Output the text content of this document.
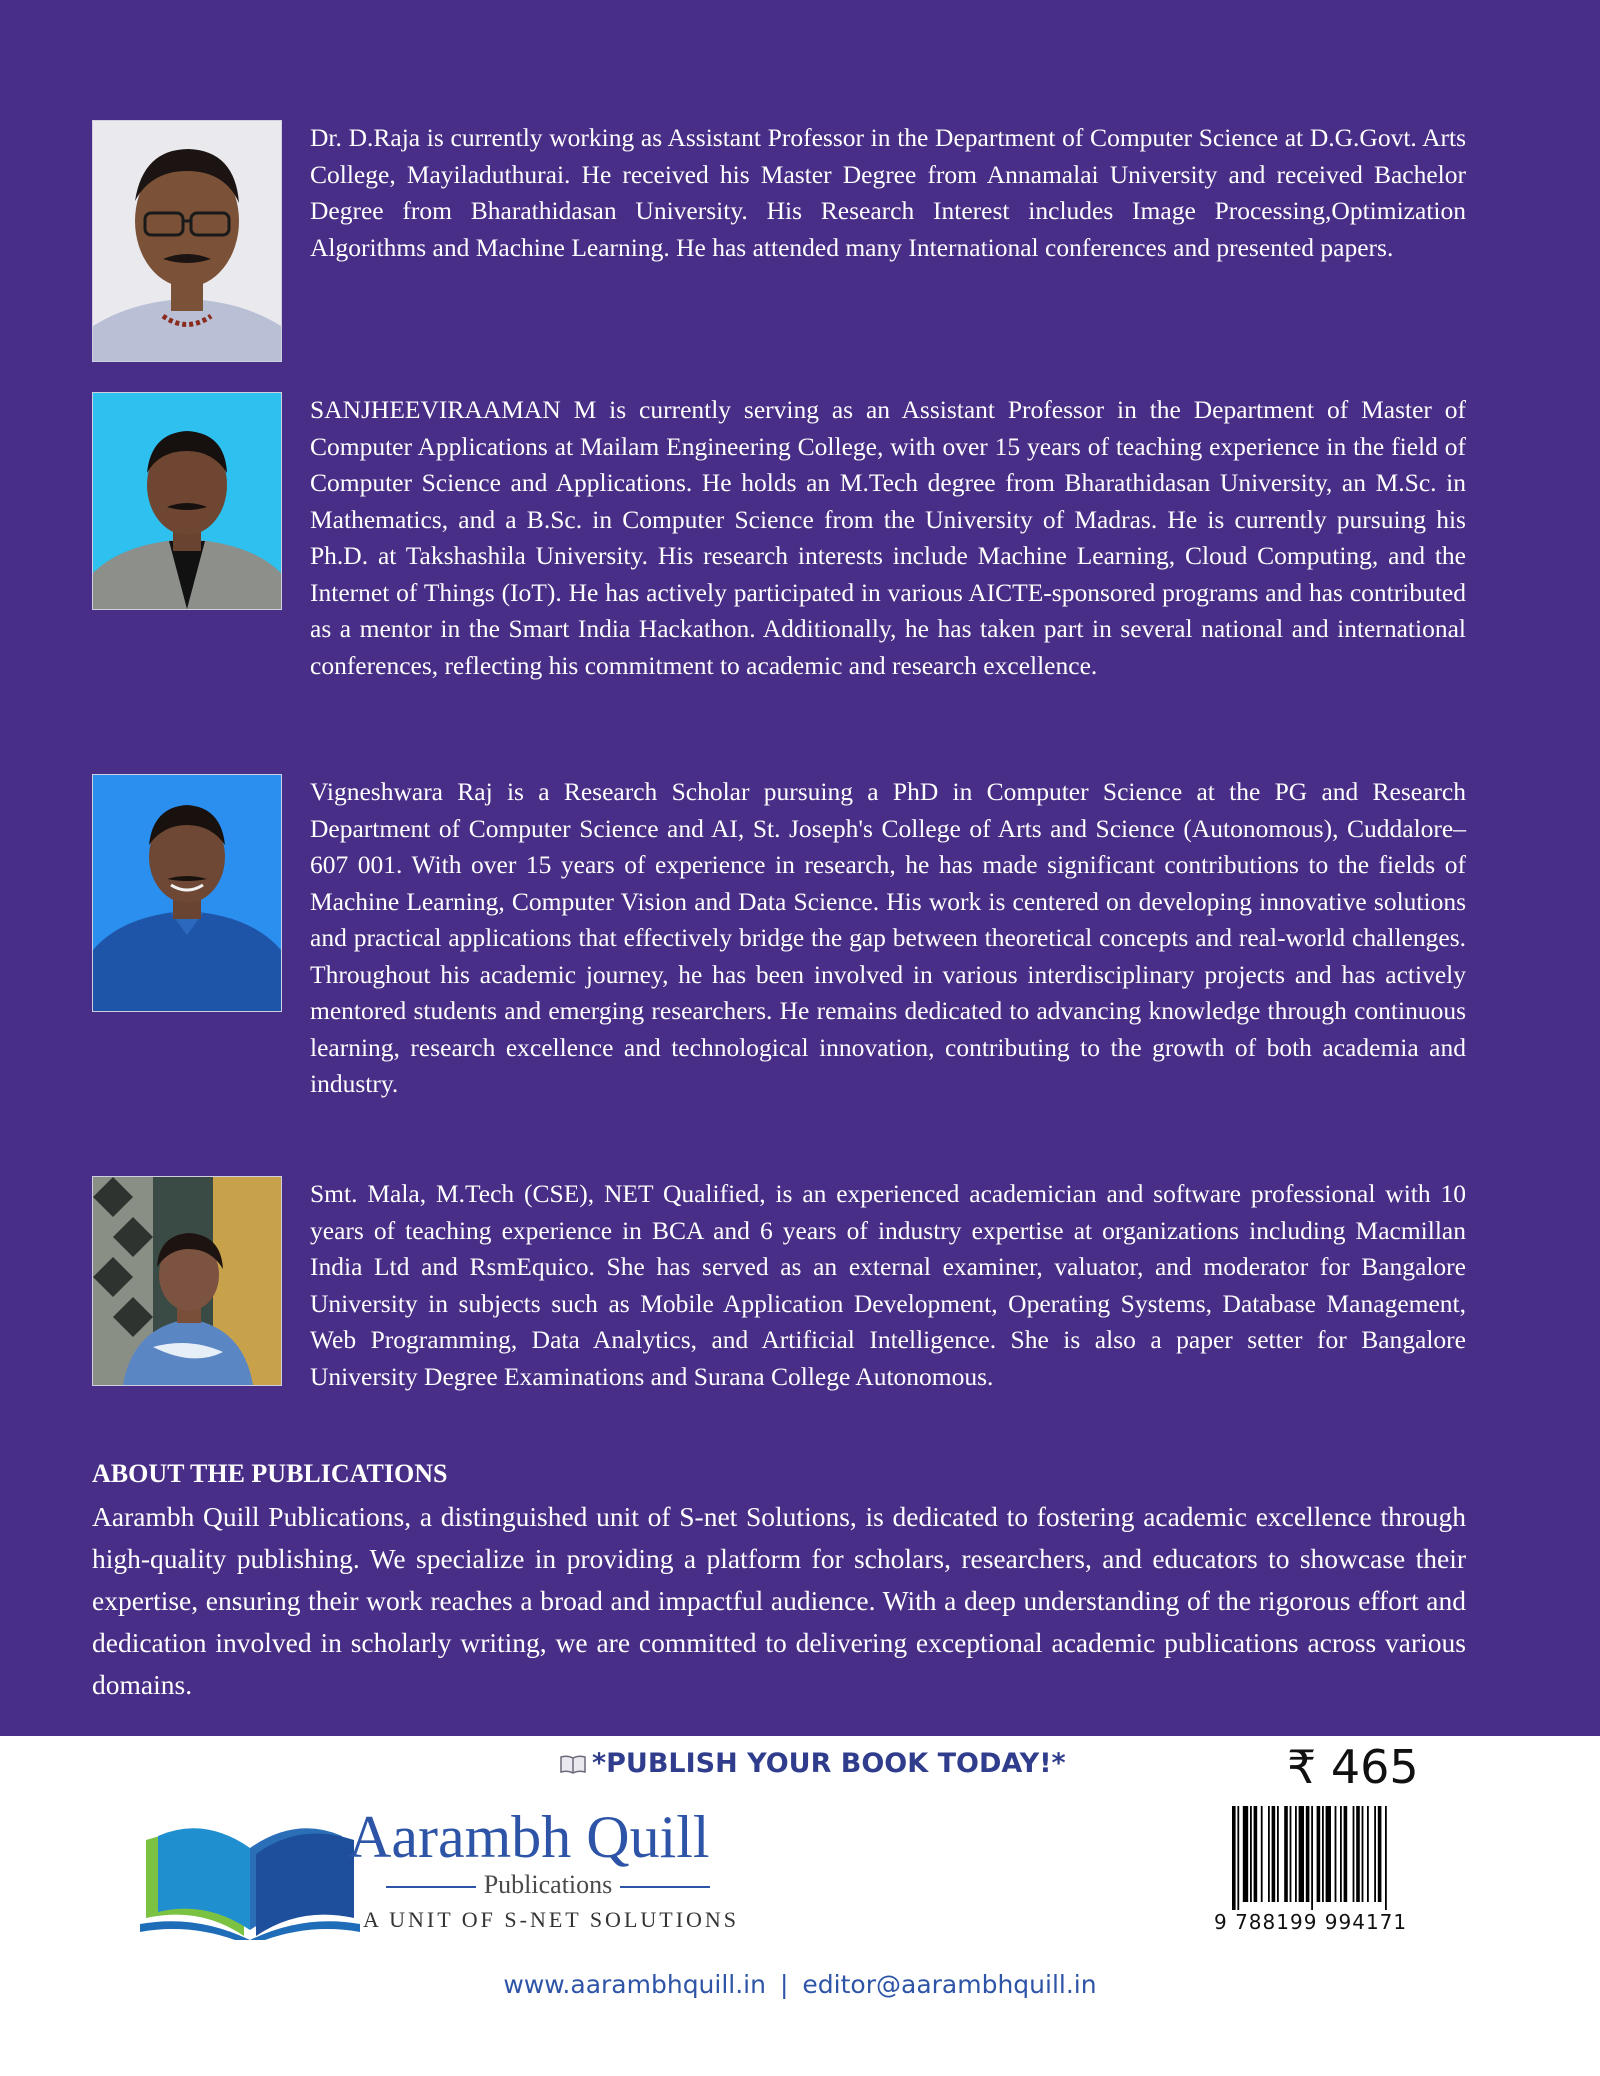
Dr. D.Raja is currently working as Assistant Professor in the Department of Computer Science at D.G.Govt. Arts College, Mayiladuthurai. He received his Master Degree from Annamalai University and received Bachelor Degree from Bharathidasan University. His Research Interest includes Image Processing,Optimization Algorithms and Machine Learning. He has attended many International conferences and presented papers.

SANJHEEVIRAAMAN M is currently serving as an Assistant Professor in the Department of Master of Computer Applications at Mailam Engineering College, with over 15 years of teaching experience in the field of Computer Science and Applications. He holds an M.Tech degree from Bharathidasan University, an M.Sc. in Mathematics, and a B.Sc. in Computer Science from the University of Madras. He is currently pursuing his Ph.D. at Takshashila University. His research interests include Machine Learning, Cloud Computing, and the Internet of Things (IoT). He has actively participated in various AICTE-sponsored programs and has contributed as a mentor in the Smart India Hackathon. Additionally, he has taken part in several national and international conferences, reflecting his commitment to academic and research excellence.

Vigneshwara Raj is a Research Scholar pursuing a PhD in Computer Science at the PG and Research Department of Computer Science and AI, St. Joseph's College of Arts and Science (Autonomous), Cuddalore–607 001. With over 15 years of experience in research, he has made significant contributions to the fields of Machine Learning, Computer Vision and Data Science. His work is centered on developing innovative solutions and practical applications that effectively bridge the gap between theoretical concepts and real-world challenges. Throughout his academic journey, he has been involved in various interdisciplinary projects and has actively mentored students and emerging researchers. He remains dedicated to advancing knowledge through continuous learning, research excellence and technological innovation, contributing to the growth of both academia and industry.

Smt. Mala, M.Tech (CSE), NET Qualified, is an experienced academician and software professional with 10 years of teaching experience in BCA and 6 years of industry expertise at organizations including Macmillan India Ltd and RsmEquico. She has served as an external examiner, valuator, and moderator for Bangalore University in subjects such as Mobile Application Development, Operating Systems, Database Management, Web Programming, Data Analytics, and Artificial Intelligence. She is also a paper setter for Bangalore University Degree Examinations and Surana College Autonomous.

ABOUT THE PUBLICATIONS

Aarambh Quill Publications, a distinguished unit of S-net Solutions, is dedicated to fostering academic excellence through high-quality publishing. We specialize in providing a platform for scholars, researchers, and educators to showcase their expertise, ensuring their work reaches a broad and impactful audience. With a deep understanding of the rigorous effort and dedication involved in scholarly writing, we are committed to delivering exceptional academic publications across various domains.

*PUBLISH YOUR BOOK TODAY!*	₹ 465
9 788199 994171
Aarambh Quill
Publications
A UNIT OF S-NET SOLUTIONS
www.aarambhquill.in | editor@aarambhquill.in
